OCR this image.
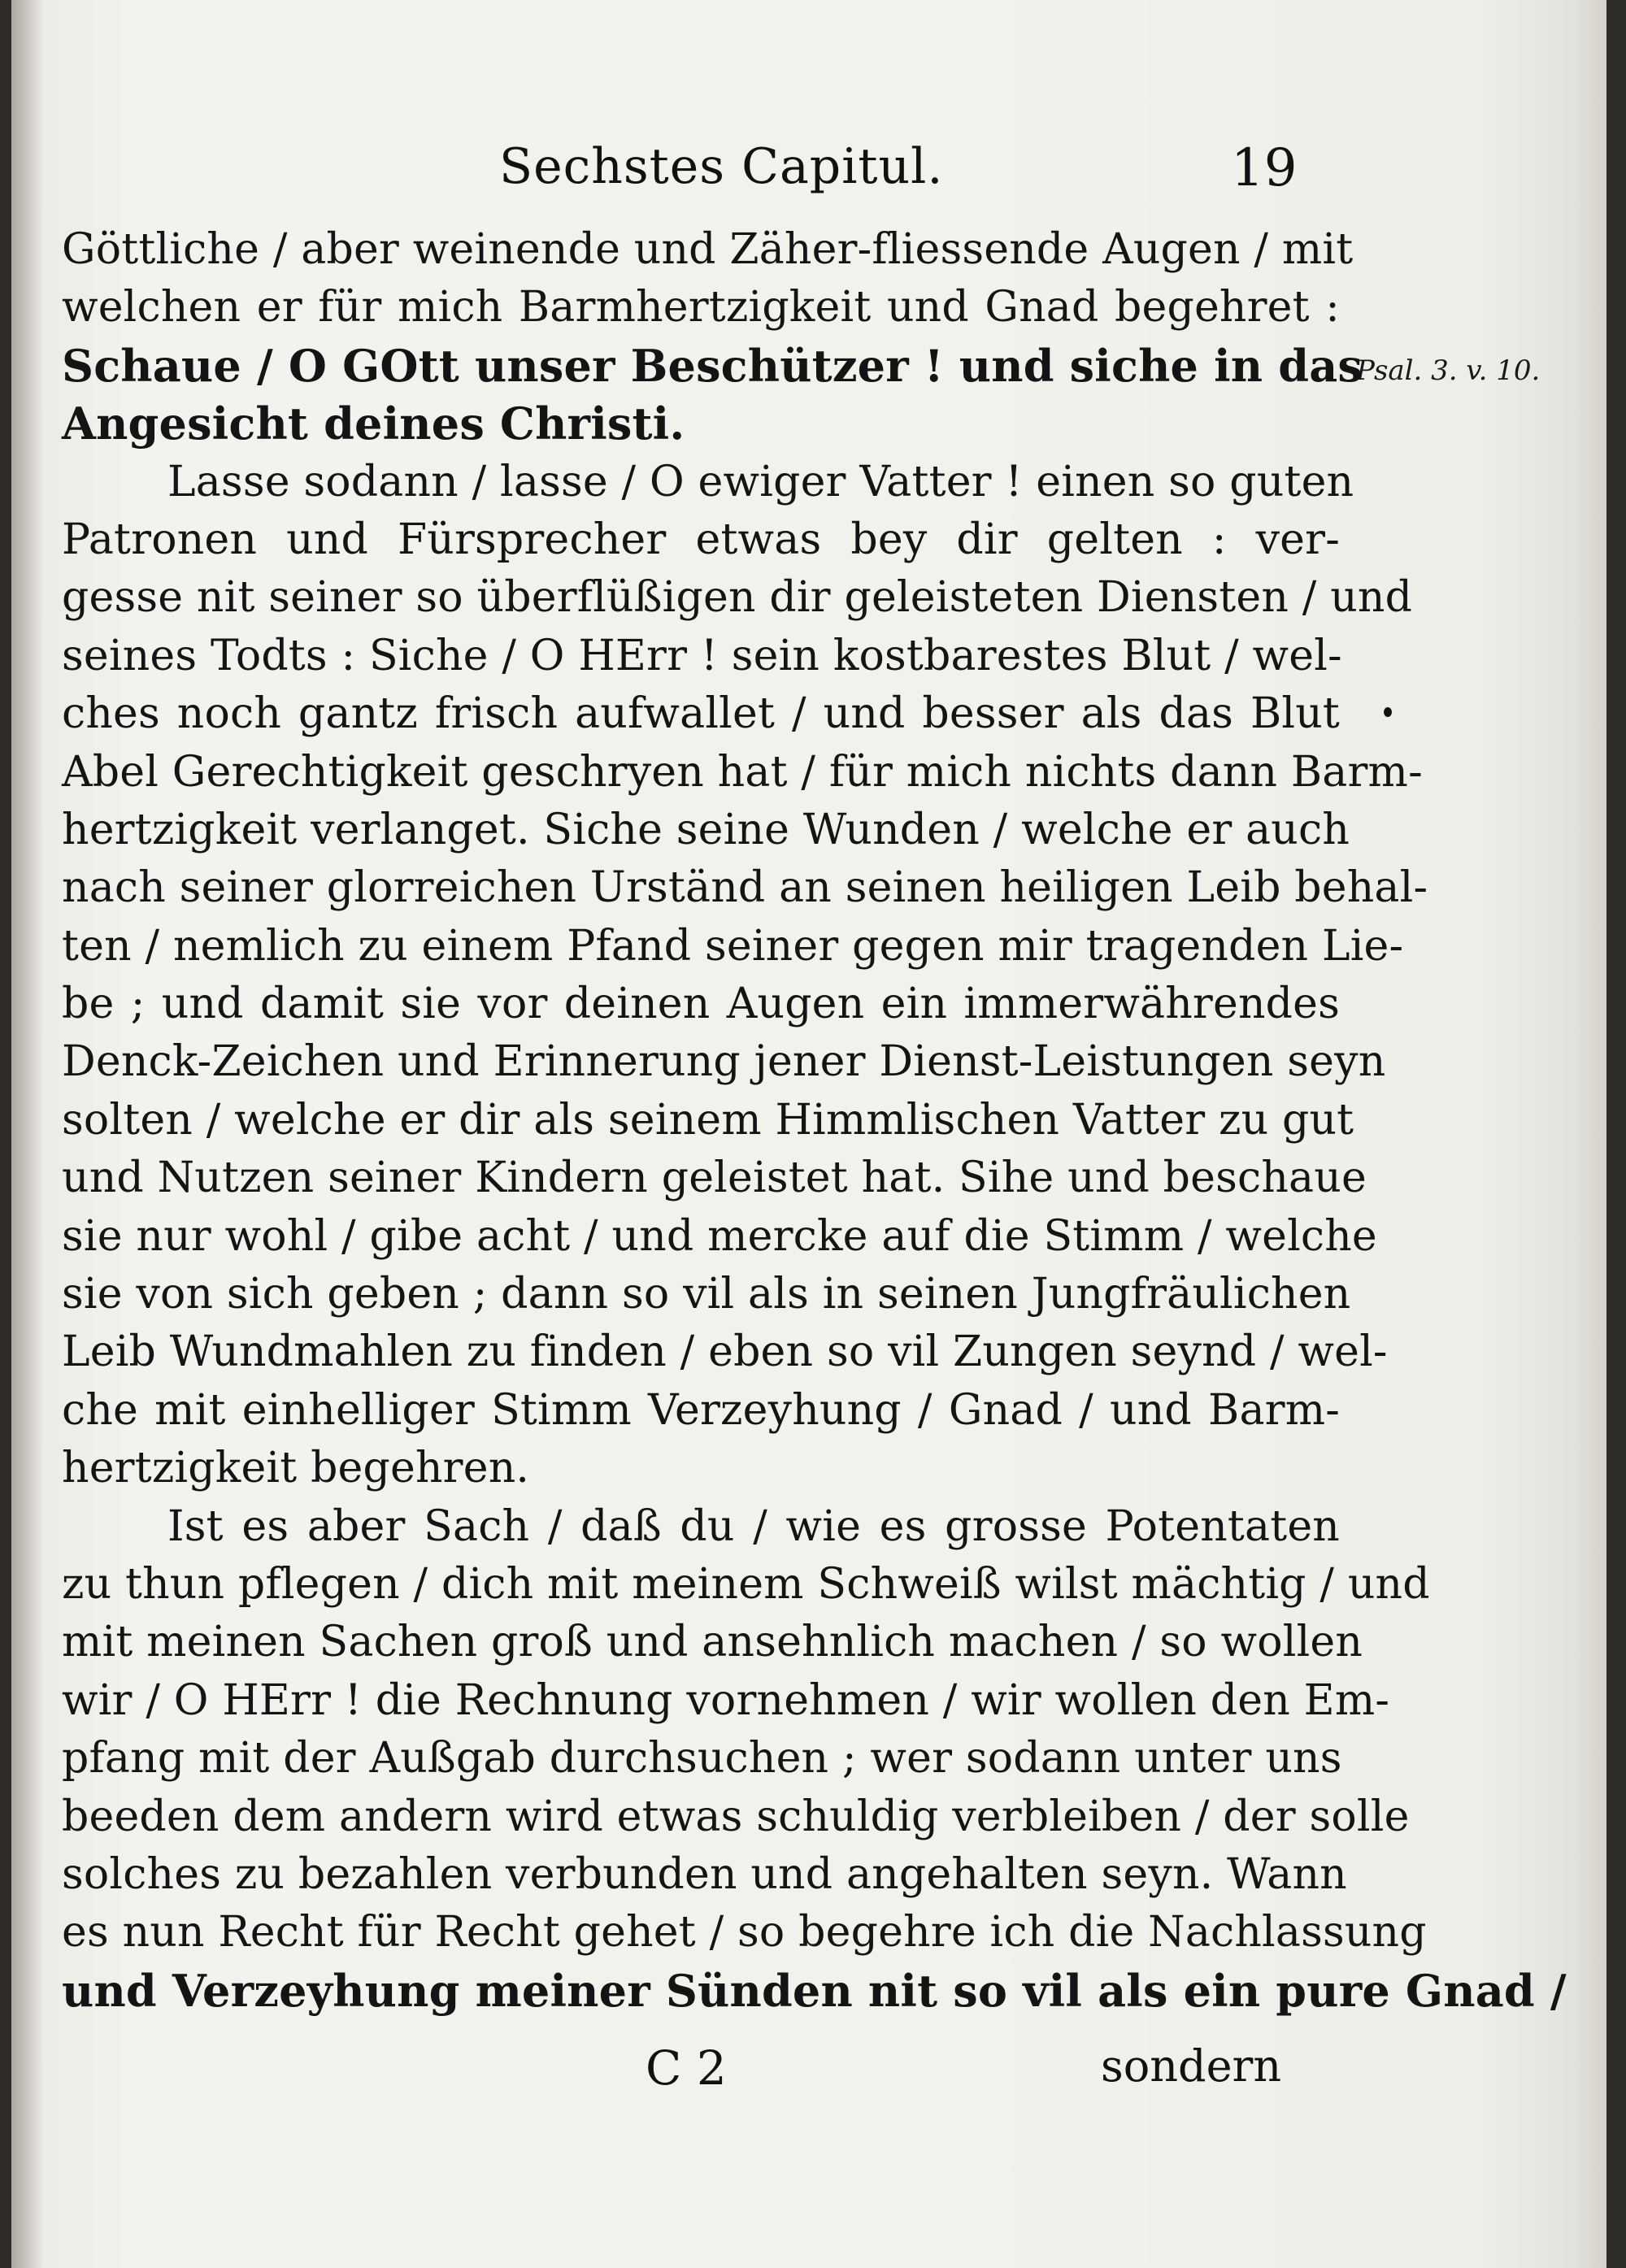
Sechstes Capitul.	19
Psal. 3. v. 10.
Göttliche / aber weinende und Zäher-fliessende Augen / mit
welchen er für mich Barmhertzigkeit und Gnad begehret :
Schaue / O GOtt unser Beschützer ! und siche in das
Angesicht deines Christi.
Lasse sodann / lasse / O ewiger Vatter ! einen so guten
Patronen und Fürsprecher etwas bey dir gelten : ver-
gesse nit seiner so überflüßigen dir geleisteten Diensten / und
seines Todts : Siche / O HErr ! sein kostbarestes Blut / wel-
ches noch gantz frisch aufwallet / und besser als das Blut
Abel Gerechtigkeit geschryen hat / für mich nichts dann Barm-
hertzigkeit verlanget. Siche seine Wunden / welche er auch
nach seiner glorreichen Urständ an seinen heiligen Leib behal-
ten / nemlich zu einem Pfand seiner gegen mir tragenden Lie-
be ; und damit sie vor deinen Augen ein immerwährendes
Denck-Zeichen und Erinnerung jener Dienst-Leistungen seyn
solten / welche er dir als seinem Himmlischen Vatter zu gut
und Nutzen seiner Kindern geleistet hat. Sihe und beschaue
sie nur wohl / gibe acht / und mercke auf die Stimm / welche
sie von sich geben ; dann so vil als in seinen Jungfräulichen
Leib Wundmahlen zu finden / eben so vil Zungen seynd / wel-
che mit einhelliger Stimm Verzeyhung / Gnad / und Barm-
hertzigkeit begehren.
Ist es aber Sach / daß du / wie es grosse Potentaten
zu thun pflegen / dich mit meinem Schweiß wilst mächtig / und
mit meinen Sachen groß und ansehnlich machen / so wollen
wir / O HErr ! die Rechnung vornehmen / wir wollen den Em-
pfang mit der Außgab durchsuchen ; wer sodann unter uns
beeden dem andern wird etwas schuldig verbleiben / der solle
solches zu bezahlen verbunden und angehalten seyn. Wann
es nun Recht für Recht gehet / so begehre ich die Nachlassung
und Verzeyhung meiner Sünden nit so vil als ein pure Gnad /
C 2	sondern
